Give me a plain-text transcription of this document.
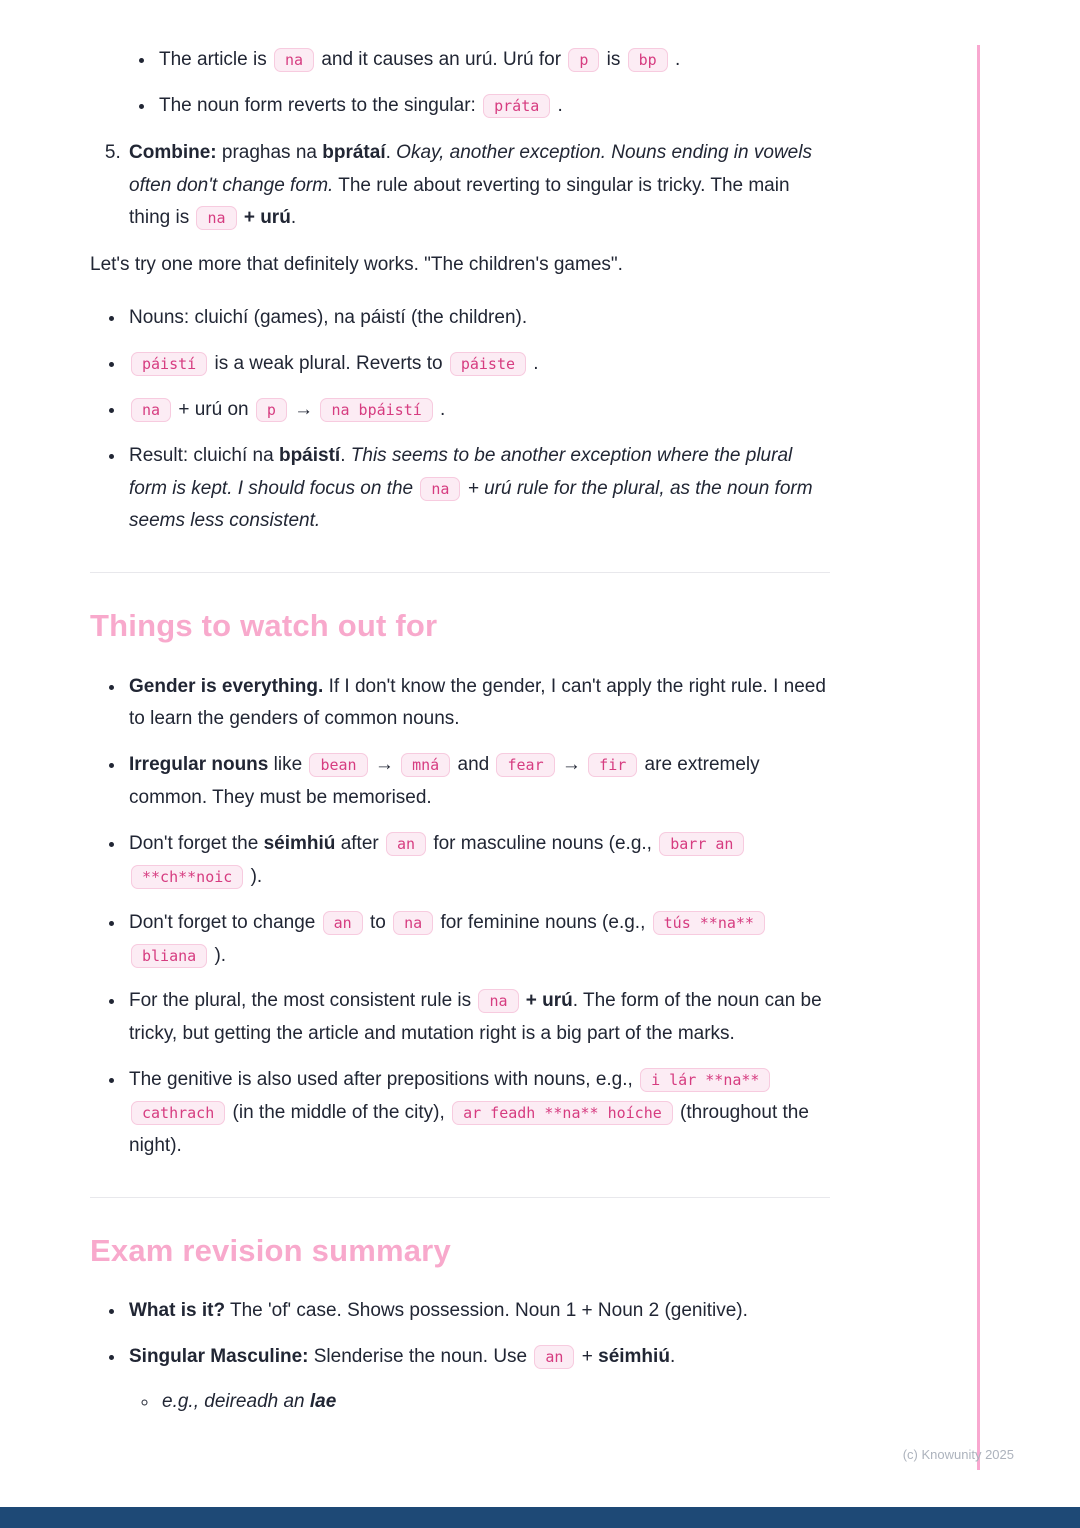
• The article is na and it causes an urú. Urú for p is bp .
• The noun form reverts to the singular: práta .
5. Combine: praghas na bprátaí. Okay, another exception. Nouns ending in vowels often don't change form. The rule about reverting to singular is tricky. The main thing is na + urú.

Let's try one more that definitely works. "The children's games".

• Nouns: cluichí (games), na páistí (the children).
• páistí is a weak plural. Reverts to páiste .
• na + urú on p → na bpáistí .
• Result: cluichí na bpáistí. This seems to be another exception where the plural form is kept. I should focus on the na + urú rule for the plural, as the noun form seems less consistent.
Things to watch out for
• Gender is everything. If I don't know the gender, I can't apply the right rule. I need to learn the genders of common nouns.
• Irregular nouns like bean → mná and fear → fir are extremely common. They must be memorised.
• Don't forget the séimhiú after an for masculine nouns (e.g., barr an **ch**noic ).
• Don't forget to change an to na for feminine nouns (e.g., tús **na** bliana ).
• For the plural, the most consistent rule is na + urú. The form of the noun can be tricky, but getting the article and mutation right is a big part of the marks.
• The genitive is also used after prepositions with nouns, e.g., i lár **na** cathrach (in the middle of the city), ar feadh **na** hoíche (throughout the night).
Exam revision summary
• What is it? The 'of' case. Shows possession. Noun 1 + Noun 2 (genitive).
• Singular Masculine: Slenderise the noun. Use an + séimhiú.
◦ e.g., deireadh an lae
(c) Knowunity 2025
